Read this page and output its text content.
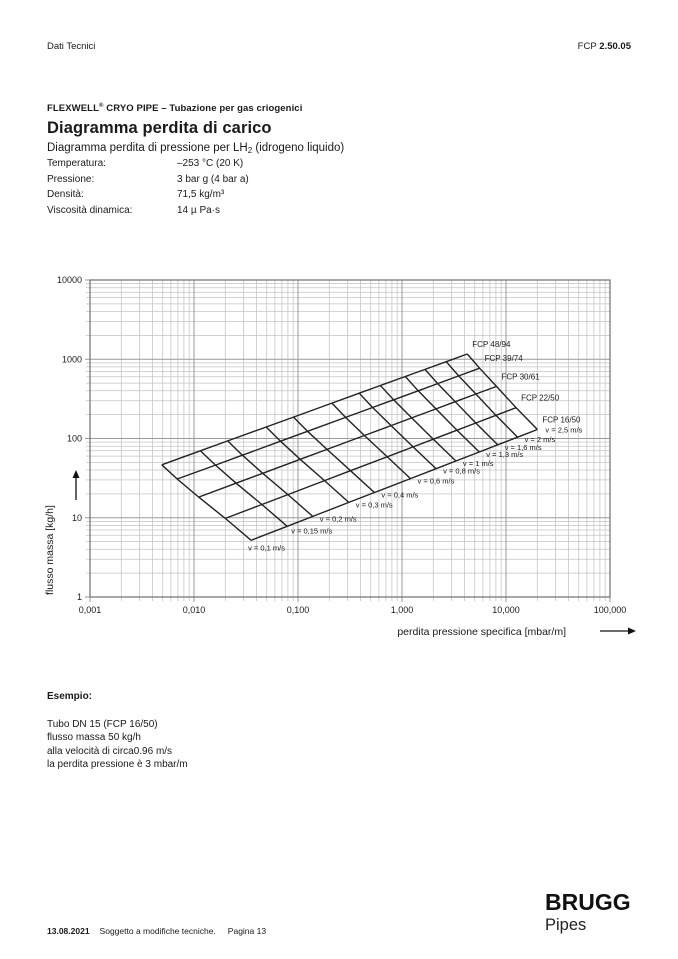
Dati Tecnici	FCP 2.50.05
FLEXWELL® CRYO PIPE – Tubazione per gas criogenici
Diagramma perdita di carico
Diagramma perdita di pressione per $LH_2$ (idrogeno liquido)
Temperatura:	–253 °C (20 K)
Pressione:	3 bar g (4 bar a)
Densità:	71,5 kg/m³
Viscosità dinamica:	14 µ Pa·s
0,001	0,010	0,100	1,000	10,000	100,000
1
10
100
1000
10000
perdita pressione specifica [mbar/m]
flusso massa [kg/h]
FCP 48/94
FCP 39/74
FCP 30/61
FCP 22/50
FCP 16/50
v = 0,1 m/s
v = 0,15 m/s
v = 0,2 m/s
v = 0,3 m/s
v = 0,4 m/s
v = 0,6 m/s
v = 0,8 m/s
v = 1 m/s
v = 1,3 m/s
v = 1,6 m/s
v = 2 m/s
v = 2,5 m/s
Esempio:
Tubo DN 15 (FCP 16/50)
flusso massa 50 kg/h
alla velocità di circa0.96 m/s
la perdita pressione è 3 mbar/m
13.08.2021 Soggetto a modifiche tecniche. Pagina 13
BRUGG
Pipes
